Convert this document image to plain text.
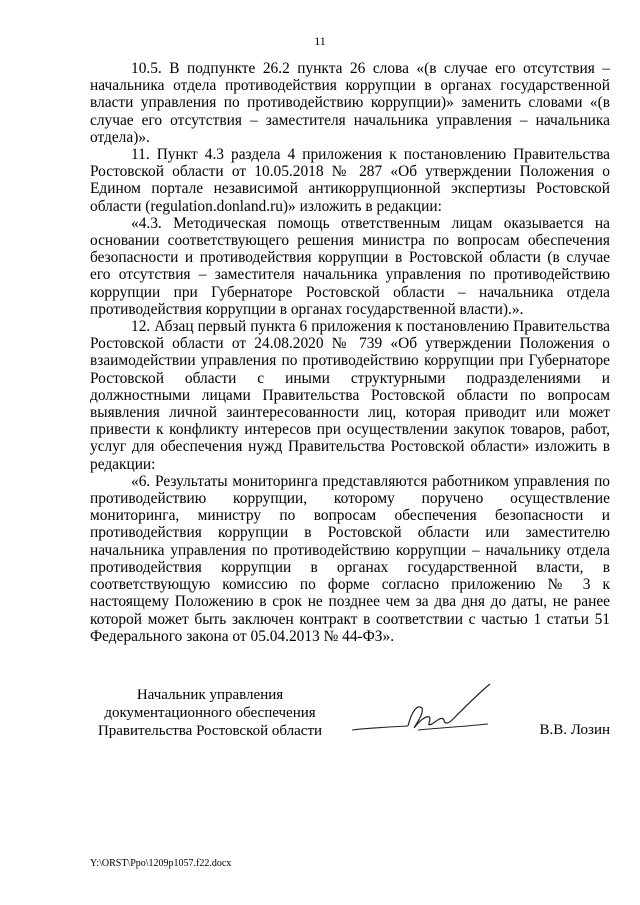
11

10.5. В подпункте 26.2 пункта 26 слова «(в случае его отсутствия – начальника отдела противодействия коррупции в органах государственной власти управления по противодействию коррупции)» заменить словами «(в случае его отсутствия – заместителя начальника управления – начальника отдела)».

11. Пункт 4.3 раздела 4 приложения к постановлению Правительства Ростовской области от 10.05.2018 № 287 «Об утверждении Положения о Едином портале независимой антикоррупционной экспертизы Ростовской области (regulation.donland.ru)» изложить в редакции:

«4.3. Методическая помощь ответственным лицам оказывается на основании соответствующего решения министра по вопросам обеспечения безопасности и противодействия коррупции в Ростовской области (в случае его отсутствия – заместителя начальника управления по противодействию коррупции при Губернаторе Ростовской области – начальника отдела противодействия коррупции в органах государственной власти).».

12. Абзац первый пункта 6 приложения к постановлению Правительства Ростовской области от 24.08.2020 № 739 «Об утверждении Положения о взаимодействии управления по противодействию коррупции при Губернаторе Ростовской области с иными структурными подразделениями и должностными лицами Правительства Ростовской области по вопросам выявления личной заинтересованности лиц, которая приводит или может привести к конфликту интересов при осуществлении закупок товаров, работ, услуг для обеспечения нужд Правительства Ростовской области» изложить в редакции:

«6. Результаты мониторинга представляются работником управления по противодействию коррупции, которому поручено осуществление мониторинга, министру по вопросам обеспечения безопасности и противодействия коррупции в Ростовской области или заместителю начальника управления по противодействию коррупции – начальнику отдела противодействия коррупции в органах государственной власти, в соответствующую комиссию по форме согласно приложению № 3 к настоящему Положению в срок не позднее чем за два дня до даты, не ранее которой может быть заключен контракт в соответствии с частью 1 статьи 51 Федерального закона от 05.04.2013 № 44-ФЗ».

Начальник управления
документационного обеспечения
Правительства Ростовской области	В.В. Лозин
Y:\ORST\Ppo\1209p1057.f22.docx
